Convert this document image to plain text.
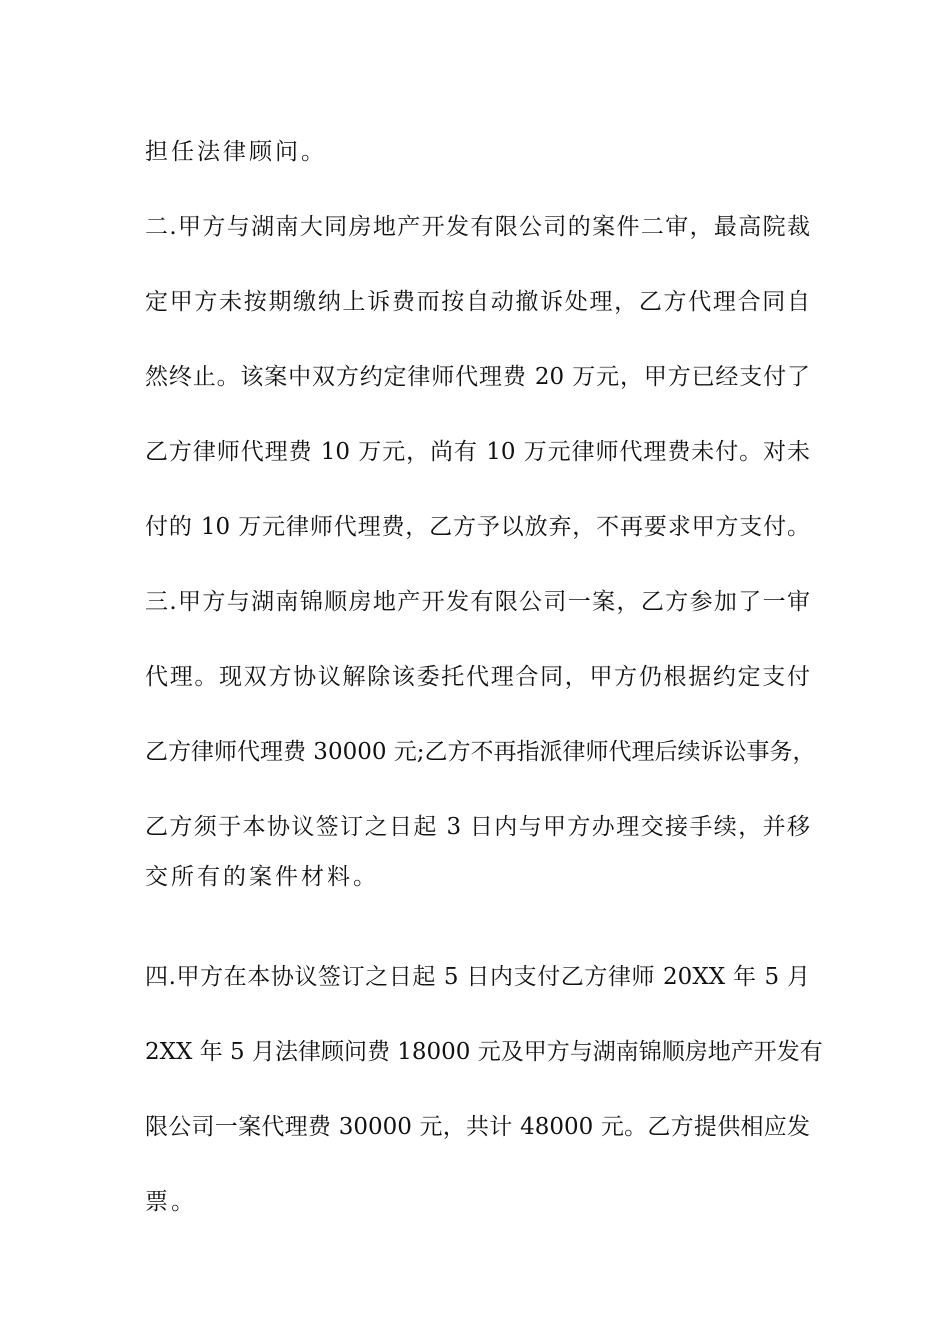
担任法律顾问。
二.甲方与湖南大同房地产开发有限公司的案件二审，最高院裁
定甲方未按期缴纳上诉费而按自动撤诉处理，乙方代理合同自
然终止。该案中双方约定律师代理费 20 万元，甲方已经支付了
乙方律师代理费 10 万元，尚有 10 万元律师代理费未付。对未
付的 10 万元律师代理费，乙方予以放弃，不再要求甲方支付。
三.甲方与湖南锦顺房地产开发有限公司一案，乙方参加了一审
代理。现双方协议解除该委托代理合同，甲方仍根据约定支付
乙方律师代理费 30000 元;乙方不再指派律师代理后续诉讼事务，
乙方须于本协议签订之日起 3 日内与甲方办理交接手续，并移
交所有的案件材料。
四.甲方在本协议签订之日起 5 日内支付乙方律师 20XX 年 5 月
2XX 年 5 月法律顾问费 18000 元及甲方与湖南锦顺房地产开发有
限公司一案代理费 30000 元，共计 48000 元。乙方提供相应发
票。
